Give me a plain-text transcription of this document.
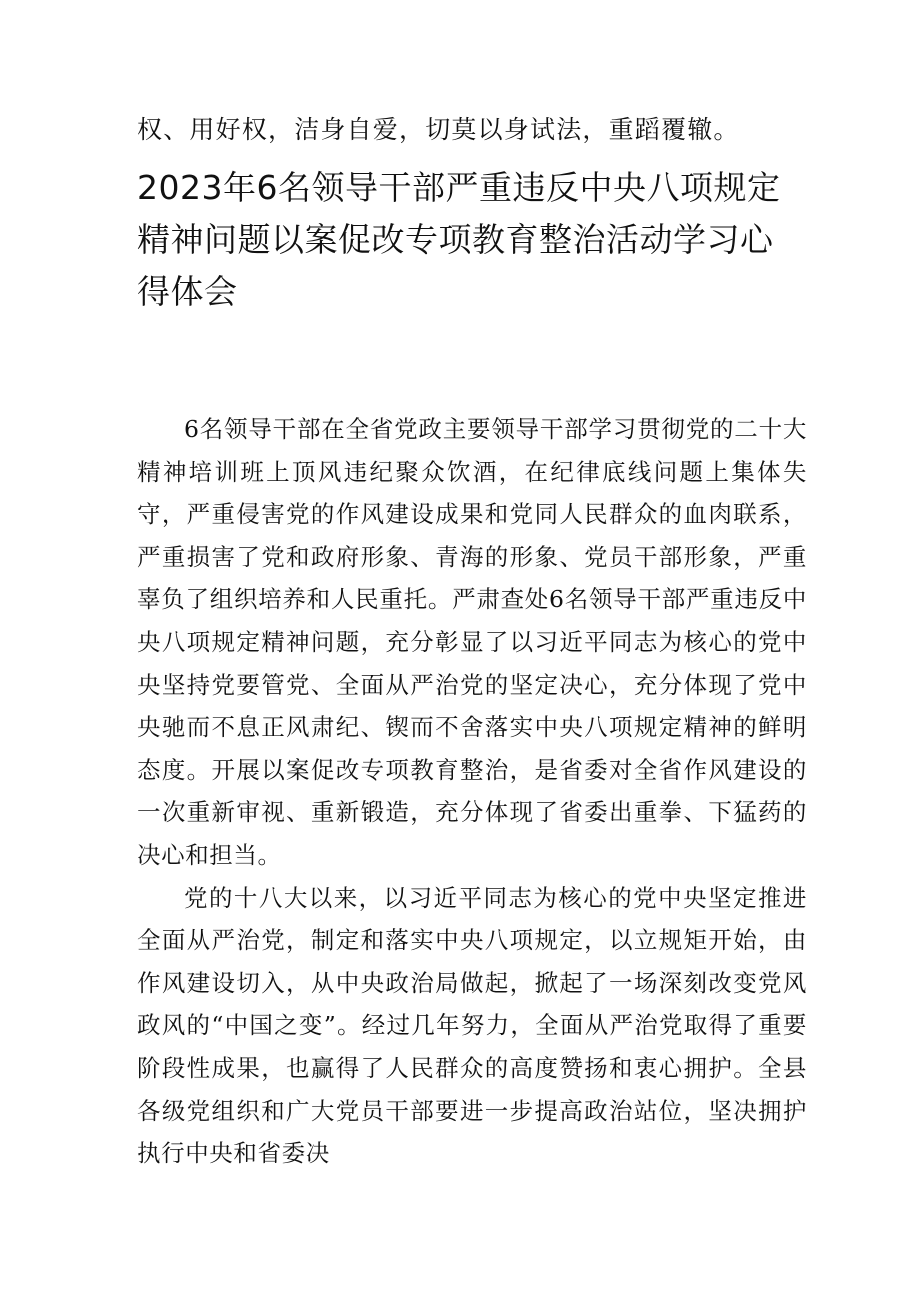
权、用好权，洁身自爱，切莫以身试法，重蹈覆辙。
2023年6名领导干部严重违反中央八项规定精神问题以案促改专项教育整治活动学习心得体会

6名领导干部在全省党政主要领导干部学习贯彻党的二十大精神培训班上顶风违纪聚众饮酒，在纪律底线问题上集体失守，严重侵害党的作风建设成果和党同人民群众的血肉联系，严重损害了党和政府形象、青海的形象、党员干部形象，严重辜负了组织培养和人民重托。严肃查处6名领导干部严重违反中央八项规定精神问题，充分彰显了以习近平同志为核心的党中央坚持党要管党、全面从严治党的坚定决心，充分体现了党中央驰而不息正风肃纪、锲而不舍落实中央八项规定精神的鲜明态度。开展以案促改专项教育整治，是省委对全省作风建设的一次重新审视、重新锻造，充分体现了省委出重拳、下猛药的决心和担当。

党的十八大以来，以习近平同志为核心的党中央坚定推进全面从严治党，制定和落实中央八项规定，以立规矩开始，由作风建设切入，从中央政治局做起，掀起了一场深刻改变党风政风的“中国之变”。经过几年努力，全面从严治党取得了重要阶段性成果，也赢得了人民群众的高度赞扬和衷心拥护。全县各级党组织和广大党员干部要进一步提高政治站位，坚决拥护执行中央和省委决
